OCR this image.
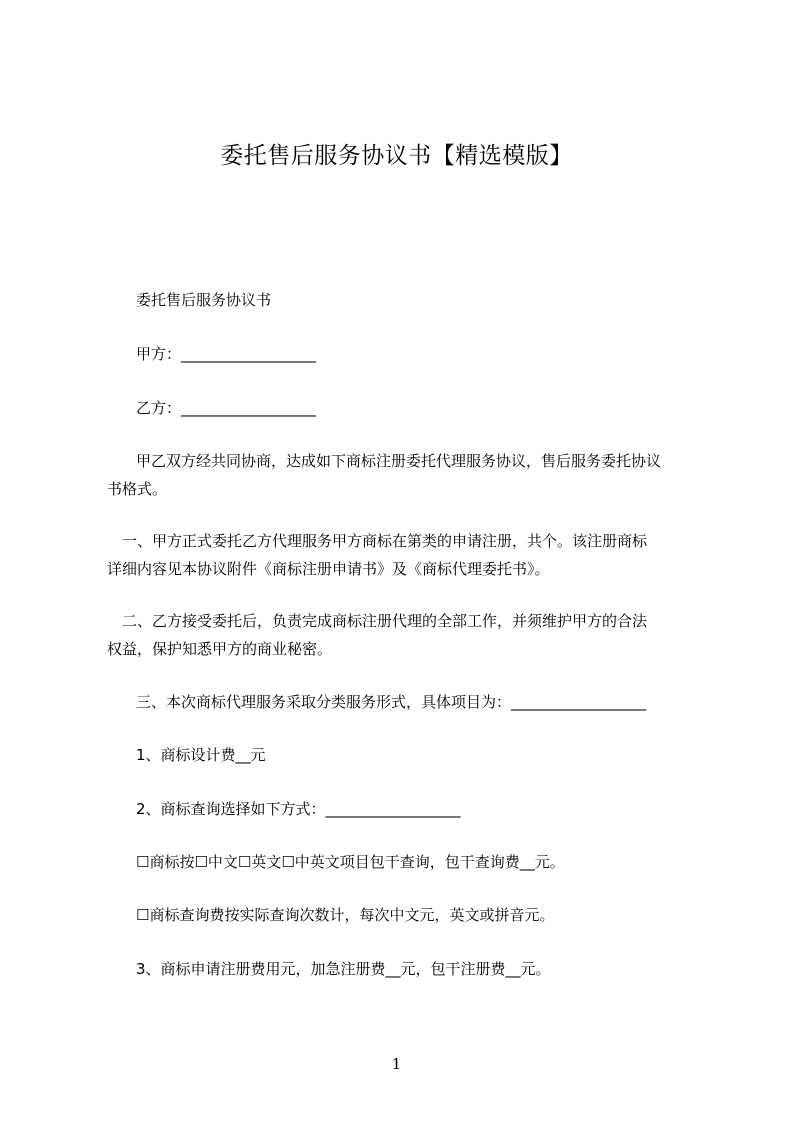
委托售后服务协议书【精选模版】
委托售后服务协议书
甲方：__________________
乙方：__________________
甲乙双方经共同协商，达成如下商标注册委托代理服务协议，售后服务委托协议
书格式。
一、甲方正式委托乙方代理服务甲方商标在第类的申请注册，共个。该注册商标
详细内容见本协议附件《商标注册申请书》及《商标代理委托书》。
二、乙方接受委托后，负责完成商标注册代理的全部工作，并须维护甲方的合法
权益，保护知悉甲方的商业秘密。
三、本次商标代理服务采取分类服务形式，具体项目为：__________________
1、商标设计费__元
2、商标查询选择如下方式：__________________
☐商标按☐中文☐英文☐中英文项目包干查询，包干查询费__元。
☐商标查询费按实际查询次数计，每次中文元，英文或拼音元。
3、商标申请注册费用元，加急注册费__元，包干注册费__元。
1
